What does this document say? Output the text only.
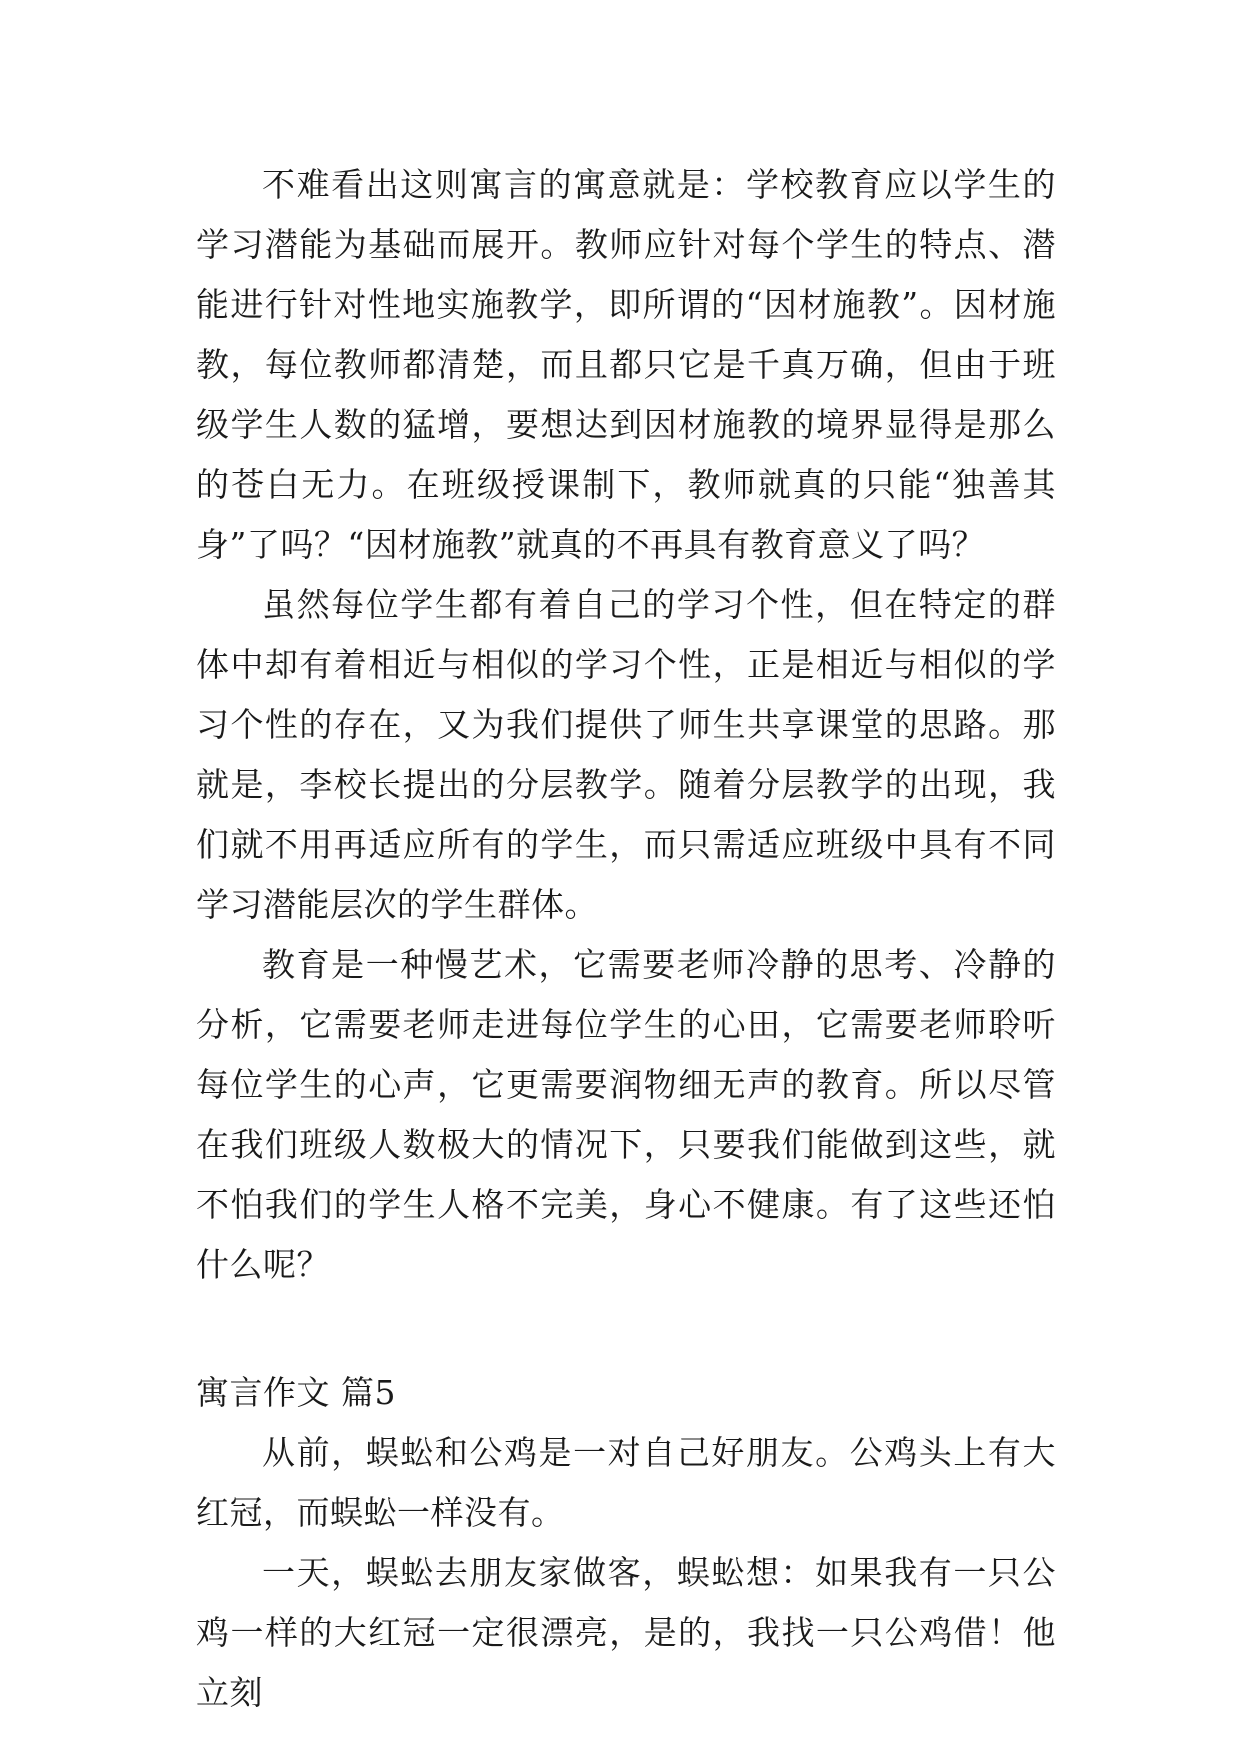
不难看出这则寓言的寓意就是：学校教育应以学生的学习潜能为基础而展开。教师应针对每个学生的特点、潜能进行针对性地实施教学，即所谓的“因材施教”。因材施教，每位教师都清楚，而且都只它是千真万确，但由于班级学生人数的猛增，要想达到因材施教的境界显得是那么的苍白无力。在班级授课制下，教师就真的只能“独善其身”了吗？“因材施教”就真的不再具有教育意义了吗？

虽然每位学生都有着自己的学习个性，但在特定的群体中却有着相近与相似的学习个性，正是相近与相似的学习个性的存在，又为我们提供了师生共享课堂的思路。那就是，李校长提出的分层教学。随着分层教学的出现，我们就不用再适应所有的学生，而只需适应班级中具有不同学习潜能层次的学生群体。

教育是一种慢艺术，它需要老师冷静的思考、冷静的分析，它需要老师走进每位学生的心田，它需要老师聆听每位学生的心声，它更需要润物细无声的教育。所以尽管在我们班级人数极大的情况下，只要我们能做到这些，就不怕我们的学生人格不完美，身心不健康。有了这些还怕什么呢？

寓言作文 篇5

从前，蜈蚣和公鸡是一对自己好朋友。公鸡头上有大红冠，而蜈蚣一样没有。

一天，蜈蚣去朋友家做客，蜈蚣想：如果我有一只公鸡一样的大红冠一定很漂亮，是的，我找一只公鸡借！他立刻
